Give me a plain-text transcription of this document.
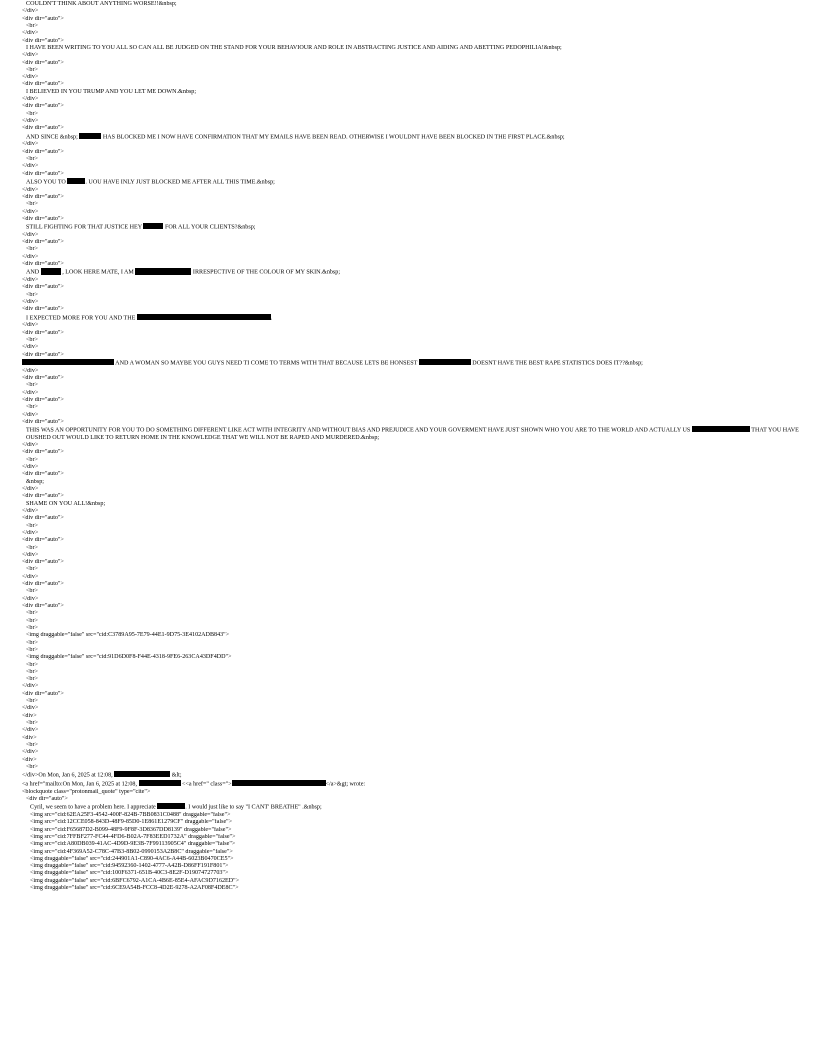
COULDN'T THINK ABOUT ANYTHING WORSE!!&nbsp;
</div>
<div dir="auto">
<br>
</div>
<div dir="auto">
I HAVE BEEN WRITING TO YOU ALL SO CAN ALL BE JUDGED ON THE STAND FOR YOUR BEHAVIOUR AND ROLE IN ABSTRACTING JUSTICE AND AIDING AND ABETTING PEDOPHILIA!&nbsp;
</div>
<div dir="auto">
<br>
</div>
<div dir="auto">
I BELIEVED IN YOU TRUMP AND YOU LET ME DOWN.&nbsp;
</div>
<div dir="auto">
<br>
</div>
<div dir="auto">
AND SINCE &nbsp;	HAS BLOCKED ME I NOW HAVE CONFIRMATION THAT MY EMAILS HAVE BEEN READ. OTHERWISE I WOULDNT HAVE BEEN BLOCKED IN THE FIRST PLACE.&nbsp;
</div>
<div dir="auto">
<br>
</div>
<div dir="auto">
ALSO YOU TO	. UOU HAVE INLY JUST BLOCKED ME AFTER ALL THIS TIME.&nbsp;
</div>
<div dir="auto">
<br>
</div>
<div dir="auto">
STILL FIGHTING FOR THAT JUSTICE HEY	FOR ALL YOUR CLIENTS?&nbsp;
</div>
<div dir="auto">
<br>
</div>
<div dir="auto">
AND	, LOOK HERE MATE, I AM	IRRESPECTIVE OF THE COLOUR OF MY SKIN.&nbsp;
</div>
<div dir="auto">
<br>
</div>
<div dir="auto">
I EXPECTED MORE FOR YOU AND THE	.
</div>
<div dir="auto">
<br>
</div>
<div dir="auto">
AND A WOMAN SO MAYBE YOU GUYS NEED TI COME TO TERMS WITH THAT BECAUSE LETS BE HONSEST	DOESNT HAVE THE BEST RAPE STATISTICS DOES IT??&nbsp;
</div>
<div dir="auto">
<br>
</div>
<div dir="auto">
<br>
</div>
<div dir="auto">
THIS WAS AN OPPORTUNITY FOR YOU TO DO SOMETHING DIFFERENT LIKE ACT WITH INTEGRITY AND WITHOUT BIAS AND PREJUDICE AND YOUR GOVERMENT HAVE JUST SHOWN WHO YOU ARE TO THE WORLD AND ACTUALLY US	THAT YOU HAVE OUSHED OUT WOULD LIKE TO RETURN HOME IN THE KNOWLEDGE THAT WE WILL NOT BE RAPED AND MURDERED.&nbsp;
</div>
<div dir="auto">
<br>
</div>
<div dir="auto">
&nbsp;
</div>
<div dir="auto">
SHAME ON YOU ALL!&nbsp;
</div>
<div dir="auto">
<br>
</div>
<div dir="auto">
<br>
</div>
<div dir="auto">
<br>
</div>
<div dir="auto">
<br>
</div>
<div dir="auto">
<br>
<br>
<br>
<img draggable="false" src="cid:C3789A95-7E79-44E1-9D75-3E4102ADB843">
<br>
<br>
<img draggable="false" src="cid:91D6D0F8-F44E-4318-9FE6-263CA43DF4DD">
<br>
<br>
<br>
</div>
<div dir="auto">
<br>
</div>
<div>
<br>
</div>
<div>
<br>
</div>
<div>
<br>
</div>On Mon, Jan 6, 2025 at 12:08,	&lt;
<a href="mailto:On Mon, Jan 6, 2025 at 12:08,	<<a href=" class=">	</a>&gt; wrote:
<blockquote class="protonmail_quote" type="cite">
<div dir="auto">
Cyril, we seem to have a problem here. I appreciate	. I would just like to say "I CANT' BREATHE" .&nbsp;
<img src="cid:62EA25F3-4542-400F-824B-7BB0831C0488" draggable="false">
<img src="cid:12CCE058-843D-48F9-85D0-1E861E1279CF" draggable="false">
<img src="cid:F65687D2-B099-48F9-9F8F-3D8367DD8139" draggable="false">
<img src="cid:7FFBF277-FC44-4FD6-B02A-7F83EED1732A" draggable="false">
<img src="cid:A80DB039-41AC-4D9D-9E3B-7F99113905C4" draggable="false">
<img src="cid:4F369A52-C78C-47B3-8B02-0990153A2B8C" draggable="false">
<img draggable="false" src="cid:244901A1-C890-4AC6-A44B-6023B0470CE5">
<img draggable="false" src="cid:94592360-1402-4777-A42B-D86FF191F801">
<img draggable="false" src="cid:100F6371-651B-40C3-8E2F-D19074727703">
<img draggable="false" src="cid:6BFC6792-A1CA-4B6E-85E4-AFAC9D7162ED">
<img draggable="false" src="cid:6CE9A54B-FCC8-4D2E-9278-A2AF08F4DE8C">
